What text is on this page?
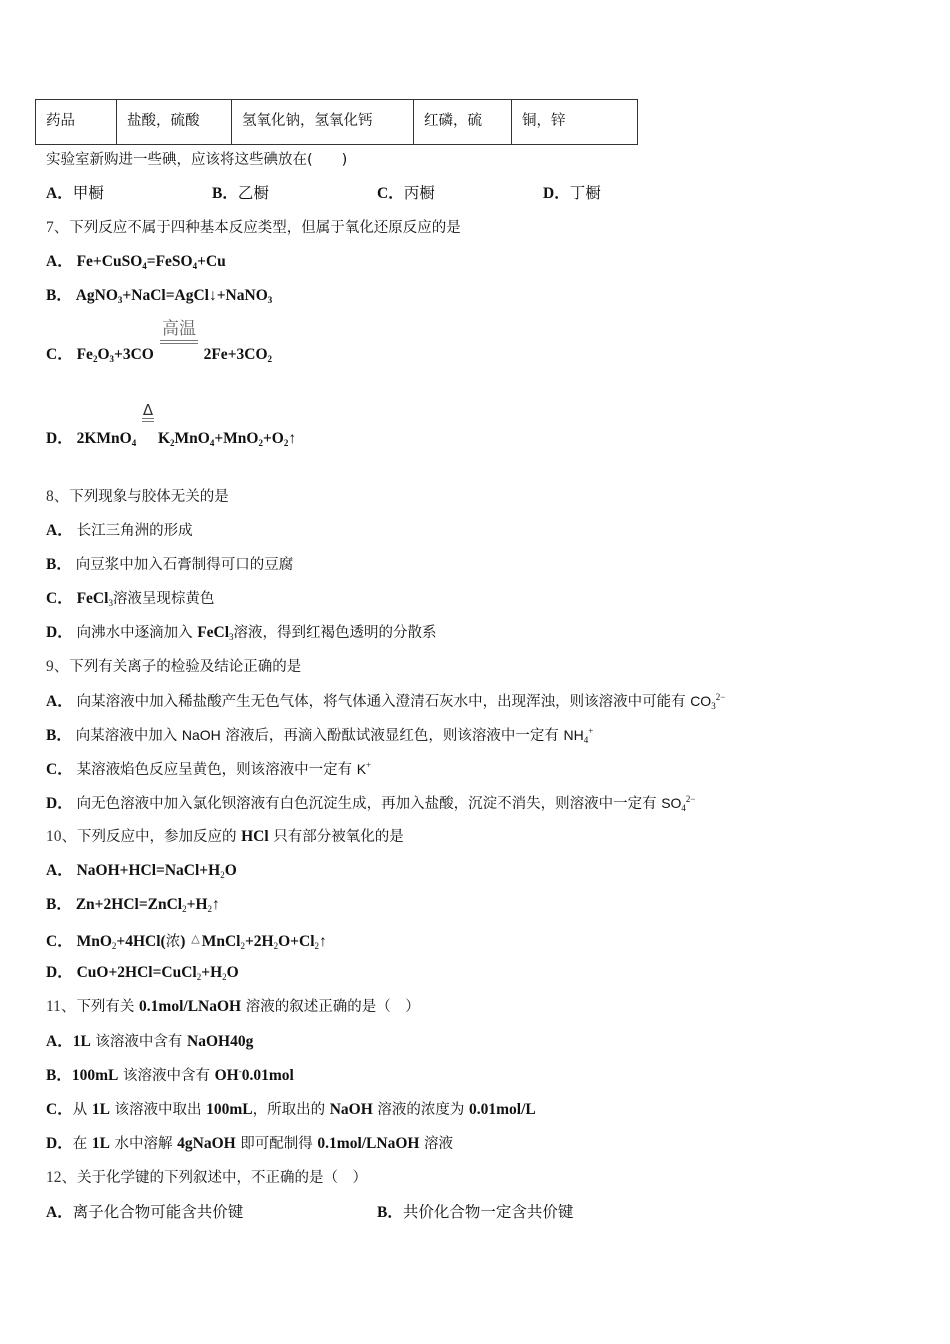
药品	盐酸，硫酸	氢氧化钠，氢氧化钙	红磷，硫	铜，锌
实验室新购进一些碘，应该将这些碘放在(　　)
A．甲橱	B．乙橱	C．丙橱	D．丁橱
7、下列反应不属于四种基本反应类型，但属于氧化还原反应的是
A． Fe+CuSO$_4$=FeSO$_4$+Cu
B． AgNO$_3$+NaCl=AgCl↓+NaNO$_3$
C． $Fe_2O_3+3CO$	$2Fe+3CO_2$
高温
D． 2KMnO$_4$ $K_2MnO_4+MnO_2+O_2↑$
Δ
8、下列现象与胶体无关的是
A． 长江三角洲的形成
B． 向豆浆中加入石膏制得可口的豆腐
C． FeCl$_3$溶液呈现棕黄色
D． 向沸水中逐滴加入 FeCl$_3$溶液，得到红褐色透明的分散系
9、下列有关离子的检验及结论正确的是
A． 向某溶液中加入稀盐酸产生无色气体，将气体通入澄清石灰水中，出现浑浊，则该溶液中可能有 $CO_3^{2-}$
B． 向某溶液中加入 NaOH 溶液后，再滴入酚酞试液显红色，则该溶液中一定有 $NH_4^+$
C． 某溶液焰色反应呈黄色，则该溶液中一定有 K+
D． 向无色溶液中加入氯化钡溶液有白色沉淀生成，再加入盐酸，沉淀不消失，则溶液中一定有 $SO_4^{2-}$
10、下列反应中，参加反应的 HCl 只有部分被氧化的是
A． $NaOH+HCl=NaCl+H_2O$
B． $Zn+2HCl=ZnCl_2+H_2↑$
C． MnO$_2$+4HCl(浓) △ $MnCl_2+2H_2O+Cl_2↑$
D． $CuO+2HCl=CuCl_2+H_2O$
11、下列有关 0.1mol/LNaOH 溶液的叙述正确的是（　）
A．1L 该溶液中含有 NaOH40g
B．100mL 该溶液中含有 OH-0.01mol
C．从 1L 该溶液中取出 100mL，所取出的 NaOH 溶液的浓度为 0.01mol/L
D．在 1L 水中溶解 4gNaOH 即可配制得 0.1mol/LNaOH 溶液
12、关于化学键的下列叙述中，不正确的是（　）
A．离子化合物可能含共价键	B．共价化合物一定含共价键
